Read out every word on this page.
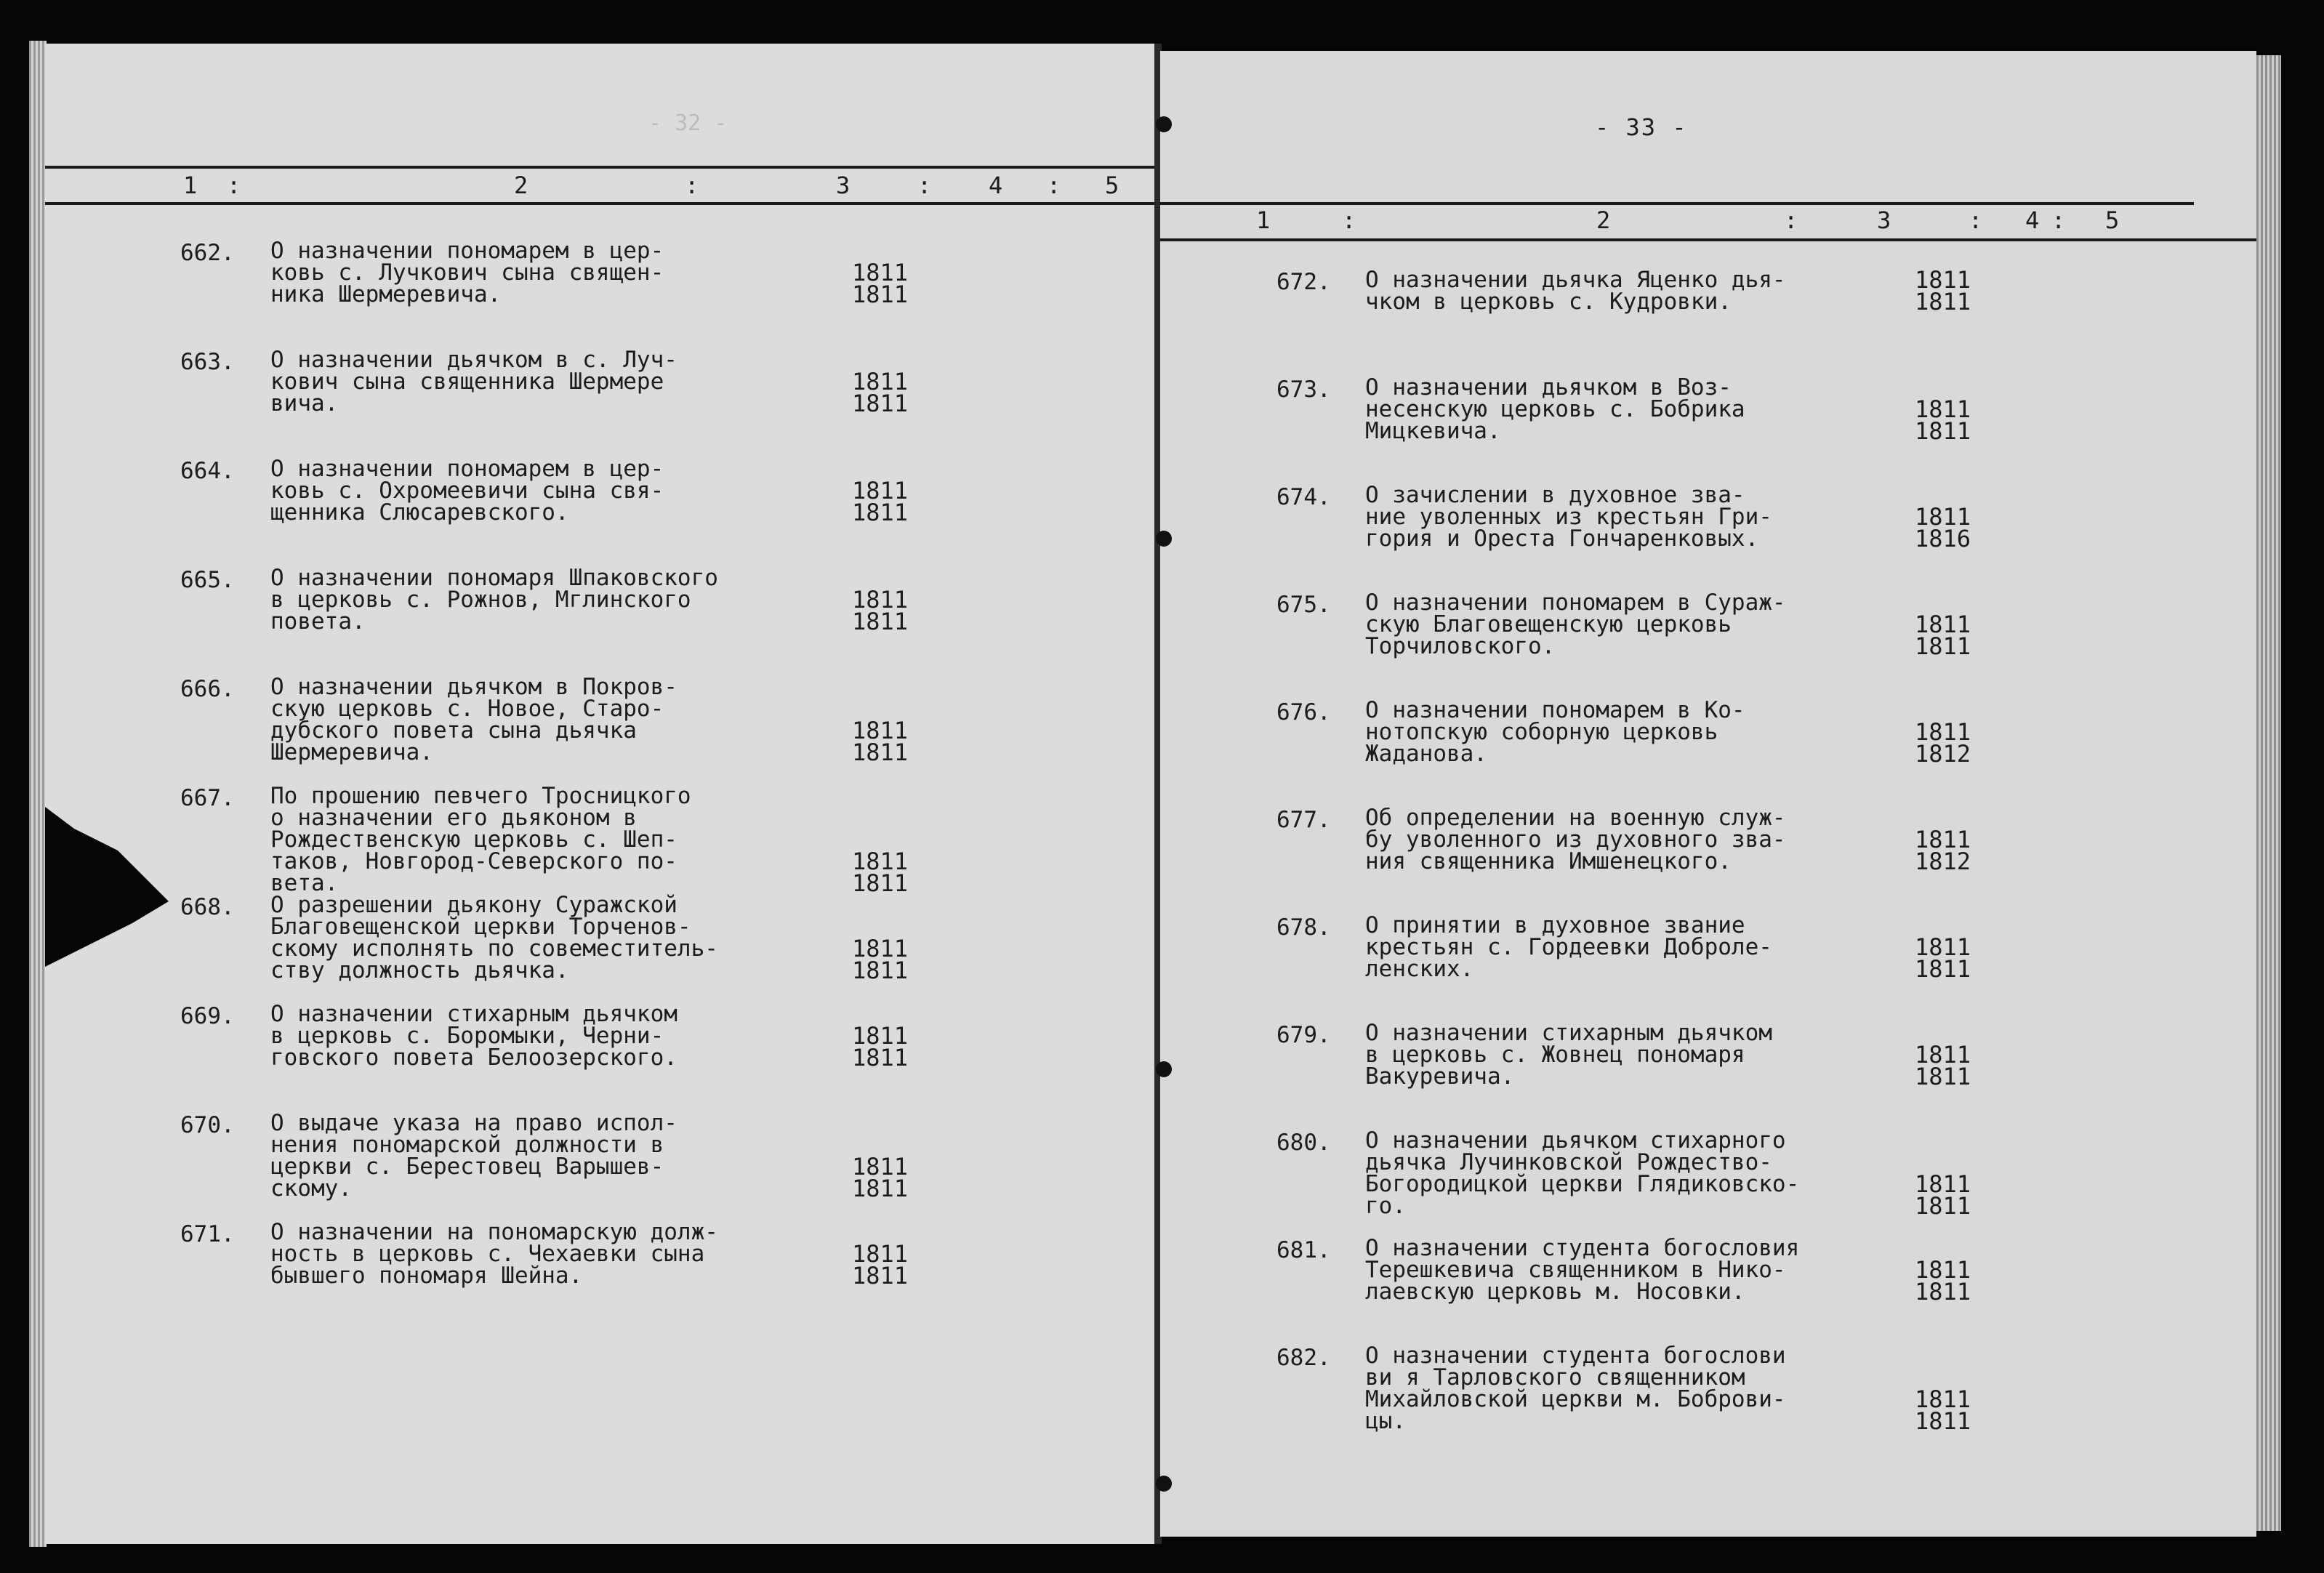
- 32 -
1 :	2	:	3	: 4 : 5
662. О назначении пономарем в цер-
ковь с. Лучкович сына священ-
ника Шермеревича.
1811
1811
663. О назначении дьячком в с. Луч-
кович сына священника Шермере
вича.
1811
1811
664. О назначении пономарем в цер-
ковь с. Охромеевичи сына свя-
щенника Слюсаревского.
1811
1811
665. О назначении пономаря Шпаковского
в церковь с. Рожнов, Мглинского
повета.
1811
1811
666. О назначении дьячком в Покров-
скую церковь с. Новое, Старо-
дубского повета сына дьячка
Шермеревича.
1811
1811
667. По прошению певчего Тросницкого
о назначении его дьяконом в
Рождественскую церковь с. Шеп-
таков, Новгород-Северского по-
вета.
1811
1811
668. О разрешении дьякону Суражской
Благовещенской церкви Торченов-
скому исполнять по совеместитель-
ству должность дьячка.
1811
1811
669. О назначении стихарным дьячком
в церковь с. Боромыки, Черни-
говского повета Белоозерского.
1811
1811
670. О выдаче указа на право испол-
нения пономарской должности в
церкви с. Берестовец Варышев-
скому.
1811
1811
671. О назначении на пономарскую долж-
ность в церковь с. Чехаевки сына
бывшего пономаря Шейна.
1811
1811
- 33 -
1	:	2	:	3	: 4 : 5
672. О назначении дьячка Яценко дья-
чком в церковь с. Кудровки.
1811
1811
673. О назначении дьячком в Воз-
несенскую церковь с. Бобрика
Мицкевича.
1811
1811
674. О зачислении в духовное зва-
ние уволенных из крестьян Гри-
гория и Ореста Гончаренковых.
1811
1816
675. О назначении пономарем в Сураж-
скую Благовещенскую церковь
Торчиловского.
1811
1811
676. О назначении пономарем в Ко-
нотопскую соборную церковь
Жаданова.
1811
1812
677. Об определении на военную служ-
бу уволенного из духовного зва-
ния священника Имшенецкого.
1811
1812
678. О принятии в духовное звание
крестьян с. Гордеевки Доброле-
ленских.
1811
1811
679. О назначении стихарным дьячком
в церковь с. Жовнец пономаря
Вакуревича.
1811
1811
680. О назначении дьячком стихарного
дьячка Лучинковской Рождество-
Богородицкой церкви Глядиковско-
го.
1811
1811
681. О назначении студента богословия
Терешкевича священником в Нико-
лаевскую церковь м. Носовки.
1811
1811
682. О назначении студента богослови
ви я Тарловского священником
Михайловской церкви м. Боброви-
цы.
1811
1811
